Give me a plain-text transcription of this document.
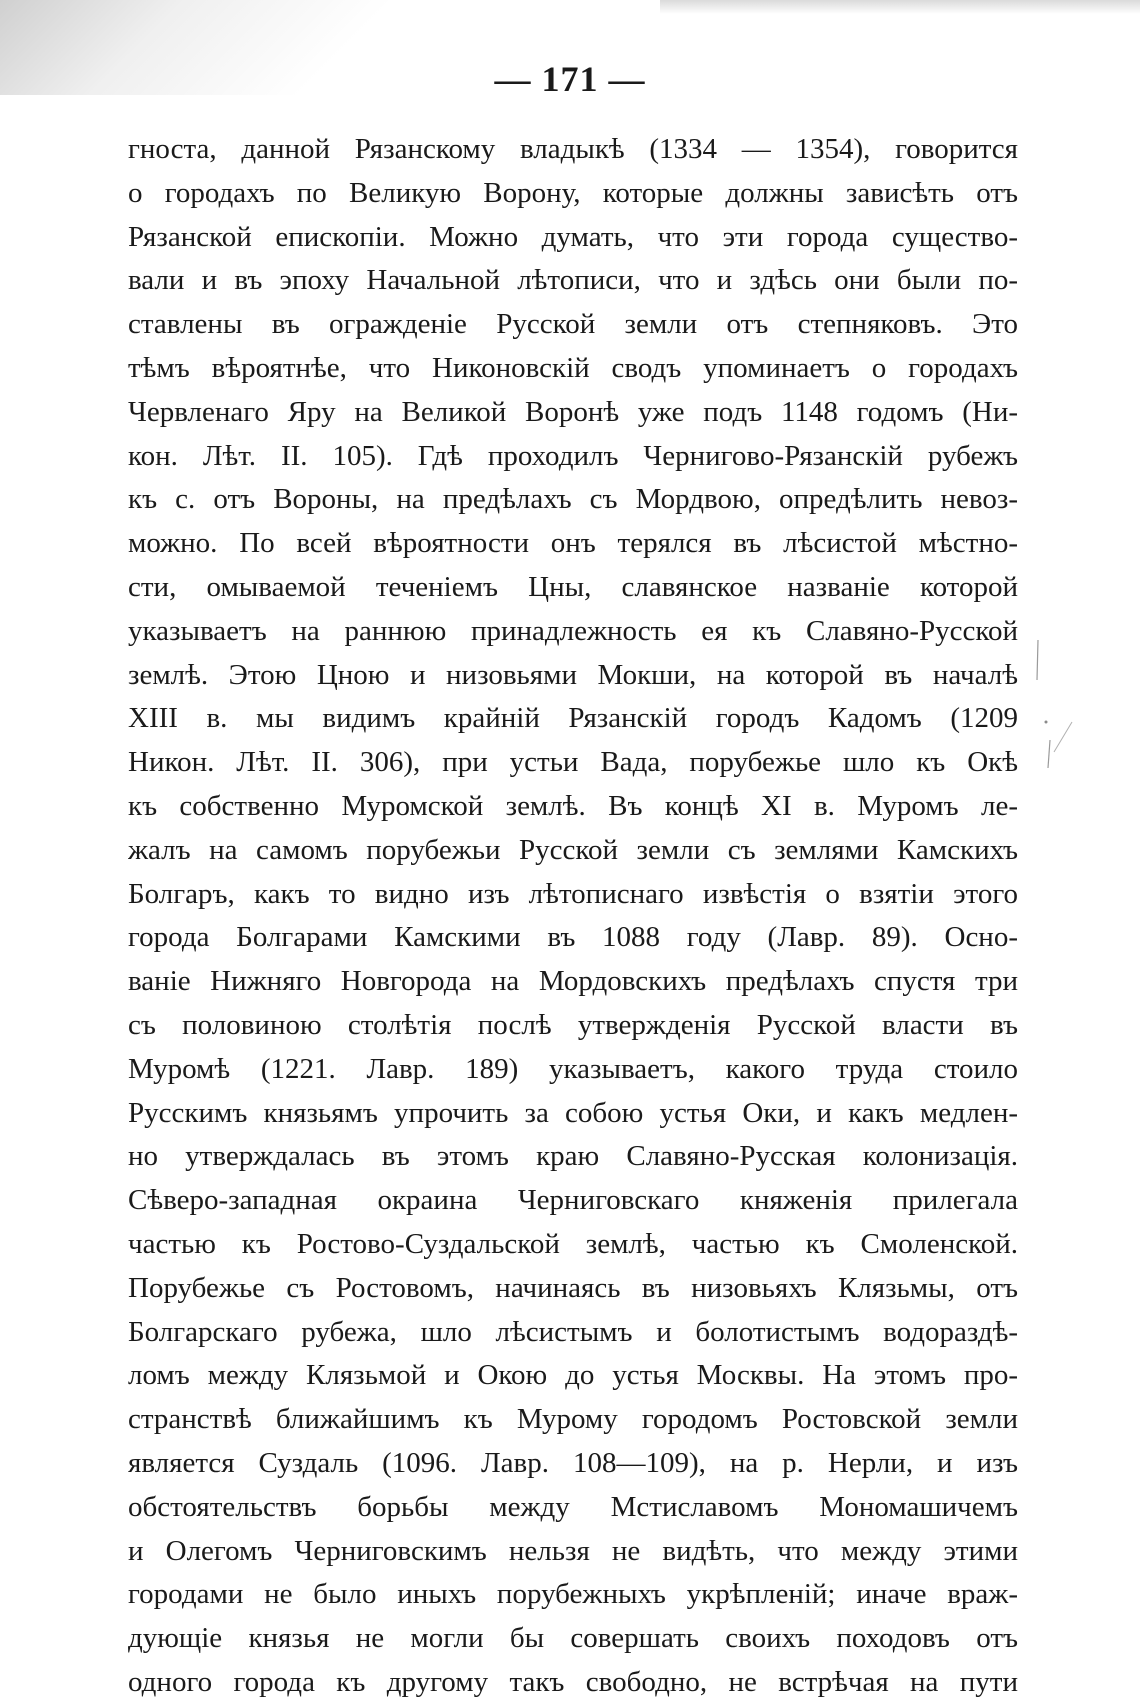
— 171 —
гноста, данной Рязанскому владыкѣ (1334 — 1354), говорится
о городахъ по Великую Ворону, которые должны зависѣть отъ
Рязанской епископіи. Можно думать, что эти города существо-
вали и въ эпоху Начальной лѣтописи, что и здѣсь они были по-
ставлены въ огражденіе Русской земли отъ степняковъ. Это
тѣмъ вѣроятнѣе, что Никоновскій сводъ упоминаетъ о городахъ
Червленаго Яру на Великой Воронѣ уже подъ 1148 годомъ (Ни-
кон. Лѣт. II. 105). Гдѣ проходилъ Черниговo-Рязанскій рубежъ
къ с. отъ Вороны, на предѣлахъ съ Мордвою, опредѣлить невоз-
можно. По всей вѣроятности онъ терялся въ лѣсистой мѣстно-
сти, омываемой теченіемъ Цны, славянское названіе которой
указываетъ на раннюю принадлежность ея къ Славяно-Русской
землѣ. Этою Цною и низовьями Мокши, на которой въ началѣ
XIII в. мы видимъ крайній Рязанскій городъ Кадомъ (1209
Никон. Лѣт. II. 306), при устьи Вада, порубежье шло къ Окѣ
къ собственно Муромской землѣ. Въ концѣ XI в. Муромъ ле-
жалъ на самомъ порубежьи Русской земли съ землями Камскихъ
Болгаръ, какъ то видно изъ лѣтописнаго извѣстія о взятіи этого
города Болгарами Камскими въ 1088 году (Лавр. 89). Осно-
ваніе Нижняго Новгорода на Мордовскихъ предѣлахъ спустя три
съ половиною столѣтія послѣ утвержденія Русской власти въ
Муромѣ (1221. Лавр. 189) указываетъ, какого труда стоило
Русскимъ князьямъ упрочить за собою устья Оки, и какъ медлен-
но утверждалась въ этомъ краю Славяно-Русская колонизація.
Сѣверо-западная окраина Черниговскаго княженія прилегала
частью къ Ростово-Суздальской землѣ, частью къ Смоленской.
Порубежье съ Ростовомъ, начинаясь въ низовьяхъ Клязьмы, отъ
Болгарскаго рубежа, шло лѣсистымъ и болотистымъ водораздѣ-
ломъ между Клязьмой и Окою до устья Москвы. На этомъ про-
странствѣ ближайшимъ къ Мурому городомъ Ростовской земли
является Суздаль (1096. Лавр. 108—109), на р. Нерли, и изъ
обстоятельствъ борьбы между Мстиславомъ Мономашичемъ
и Олегомъ Черниговскимъ нельзя не видѣть, что между этими
городами не было иныхъ порубежныхъ укрѣпленій; иначе враж-
дующіе князья не могли бы совершать своихъ походовъ отъ
одного города къ другому такъ свободно, не встрѣчая на пути
